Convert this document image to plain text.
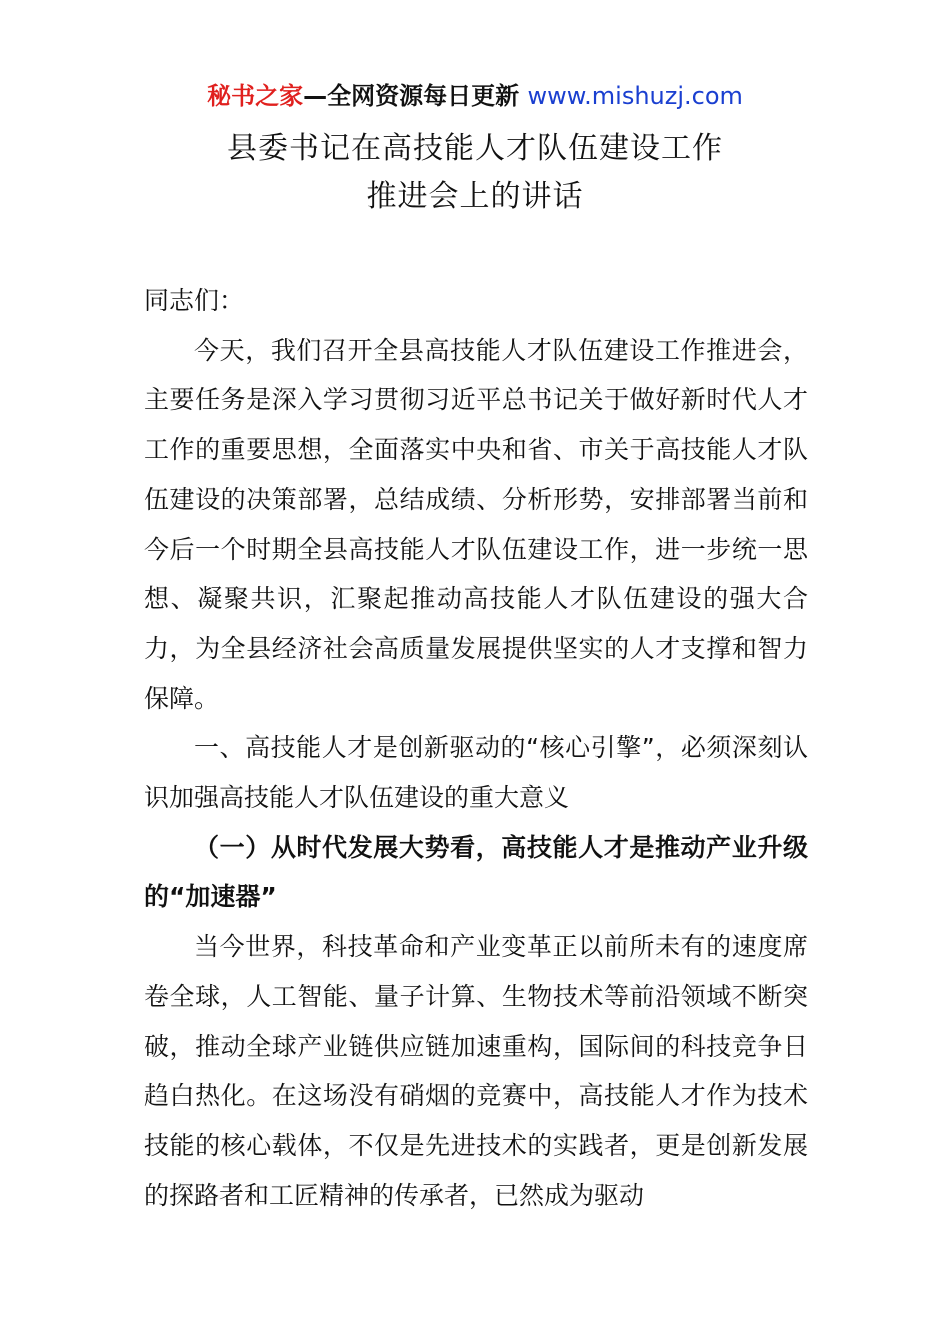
秘书之家—全网资源每日更新 www.mishuzj.com
县委书记在高技能人才队伍建设工作
推进会上的讲话

同志们：

今天，我们召开全县高技能人才队伍建设工作推进会，主要任务是深入学习贯彻习近平总书记关于做好新时代人才工作的重要思想，全面落实中央和省、市关于高技能人才队伍建设的决策部署，总结成绩、分析形势，安排部署当前和今后一个时期全县高技能人才队伍建设工作，进一步统一思想、凝聚共识，汇聚起推动高技能人才队伍建设的强大合力，为全县经济社会高质量发展提供坚实的人才支撑和智力保障。

一、高技能人才是创新驱动的“核心引擎”，必须深刻认识加强高技能人才队伍建设的重大意义

（一）从时代发展大势看，高技能人才是推动产业升级的“加速器”

当今世界，科技革命和产业变革正以前所未有的速度席卷全球，人工智能、量子计算、生物技术等前沿领域不断突破，推动全球产业链供应链加速重构，国际间的科技竞争日趋白热化。在这场没有硝烟的竞赛中，高技能人才作为技术技能的核心载体，不仅是先进技术的实践者，更是创新发展的探路者和工匠精神的传承者，已然成为驱动
